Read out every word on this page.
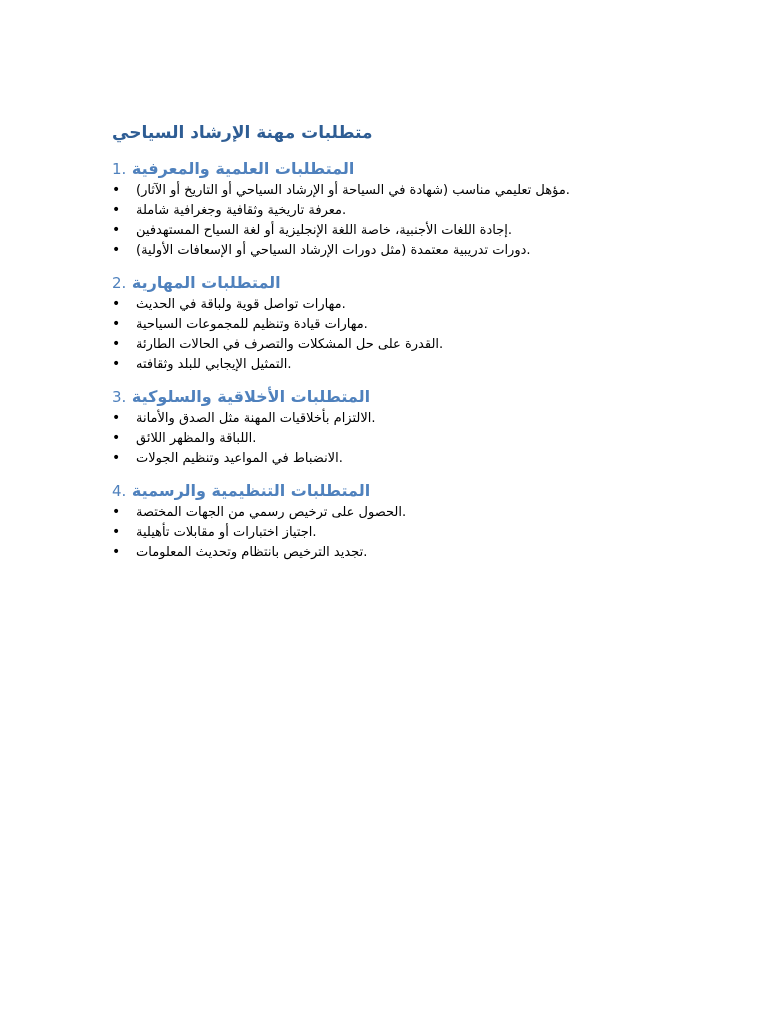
متطلبات مهنة الإرشاد السياحي
1. المتطلبات العلمية والمعرفية
• .مؤهل تعليمي مناسب (شهادة في السياحة أو الإرشاد السياحي أو التاريخ أو الآثار)
• .معرفة تاريخية وثقافية وجغرافية شاملة
• .إجادة اللغات الأجنبية، خاصة اللغة الإنجليزية أو لغة السياح المستهدفين
• .دورات تدريبية معتمدة (مثل دورات الإرشاد السياحي أو الإسعافات الأولية)
2. المتطلبات المهارية
• .مهارات تواصل قوية ولباقة في الحديث
• .مهارات قيادة وتنظيم للمجموعات السياحية
• .القدرة على حل المشكلات والتصرف في الحالات الطارئة
• .التمثيل الإيجابي للبلد وثقافته
3. المتطلبات الأخلاقية والسلوكية
• .الالتزام بأخلاقيات المهنة مثل الصدق والأمانة
• .اللباقة والمظهر اللائق
• .الانضباط في المواعيد وتنظيم الجولات
4. المتطلبات التنظيمية والرسمية
• .الحصول على ترخيص رسمي من الجهات المختصة
• .اجتياز اختبارات أو مقابلات تأهيلية
• .تجديد الترخيص بانتظام وتحديث المعلومات
